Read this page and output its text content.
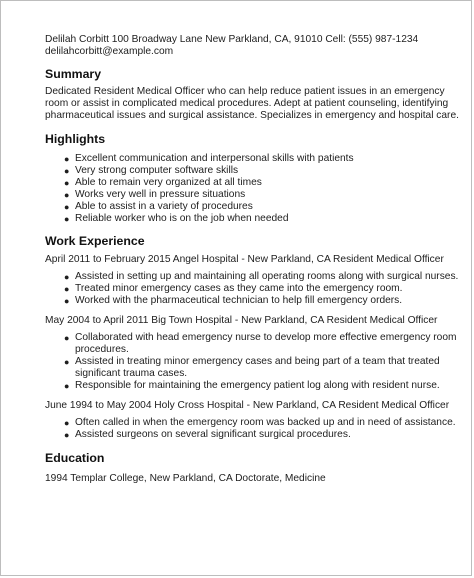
Delilah Corbitt 100 Broadway Lane New Parkland, CA, 91010 Cell: (555) 987-1234

delilahcorbitt@example.com

Summary

Dedicated Resident Medical Officer who can help reduce patient issues in an emergency room or assist in complicated medical procedures. Adept at patient counseling, identifying pharmaceutical issues and surgical assistance. Specializes in emergency and hospital care.

Highlights
● Excellent communication and interpersonal skills with patients
● Very strong computer software skills
● Able to remain very organized at all times
● Works very well in pressure situations
● Able to assist in a variety of procedures
● Reliable worker who is on the job when needed
Work Experience

April 2011 to February 2015 Angel Hospital - New Parkland, CA Resident Medical Officer

● Assisted in setting up and maintaining all operating rooms along with surgical nurses.
● Treated minor emergency cases as they came into the emergency room.
● Worked with the pharmaceutical technician to help fill emergency orders.

May 2004 to April 2011 Big Town Hospital - New Parkland, CA Resident Medical Officer

● Collaborated with head emergency nurse to develop more effective emergency room procedures.
● Assisted in treating minor emergency cases and being part of a team that treated significant trauma cases.
● Responsible for maintaining the emergency patient log along with resident nurse.

June 1994 to May 2004 Holy Cross Hospital - New Parkland, CA Resident Medical Officer

● Often called in when the emergency room was backed up and in need of assistance.
● Assisted surgeons on several significant surgical procedures.
Education

1994 Templar College, New Parkland, CA Doctorate, Medicine
